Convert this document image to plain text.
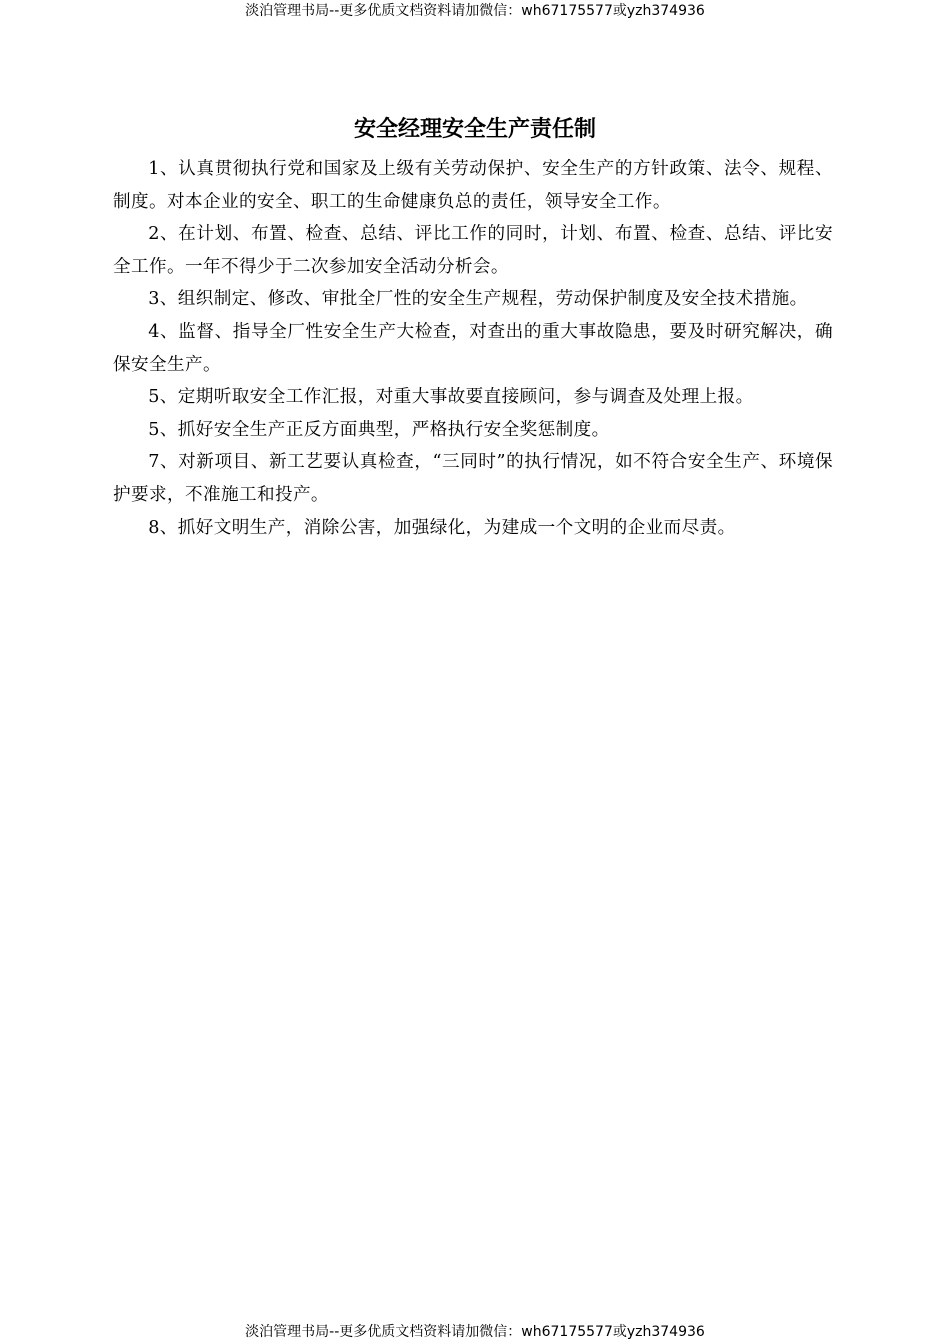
淡泊管理书局--更多优质文档资料请加微信：wh67175577或yzh374936
安全经理安全生产责任制

1、认真贯彻执行党和国家及上级有关劳动保护、安全生产的方针政策、法令、规程、制度。对本企业的安全、职工的生命健康负总的责任，领导安全工作。

2、在计划、布置、检查、总结、评比工作的同时，计划、布置、检查、总结、评比安全工作。一年不得少于二次参加安全活动分析会。

3、组织制定、修改、审批全厂性的安全生产规程，劳动保护制度及安全技术措施。

4、监督、指导全厂性安全生产大检查，对查出的重大事故隐患，要及时研究解决，确保安全生产。

5、定期听取安全工作汇报，对重大事故要直接顾问，参与调查及处理上报。

5、抓好安全生产正反方面典型，严格执行安全奖惩制度。

7、对新项目、新工艺要认真检查，“三同时”的执行情况，如不符合安全生产、环境保护要求，不准施工和投产。

8、抓好文明生产，消除公害，加强绿化，为建成一个文明的企业而尽责。

淡泊管理书局--更多优质文档资料请加微信：wh67175577或yzh374936
